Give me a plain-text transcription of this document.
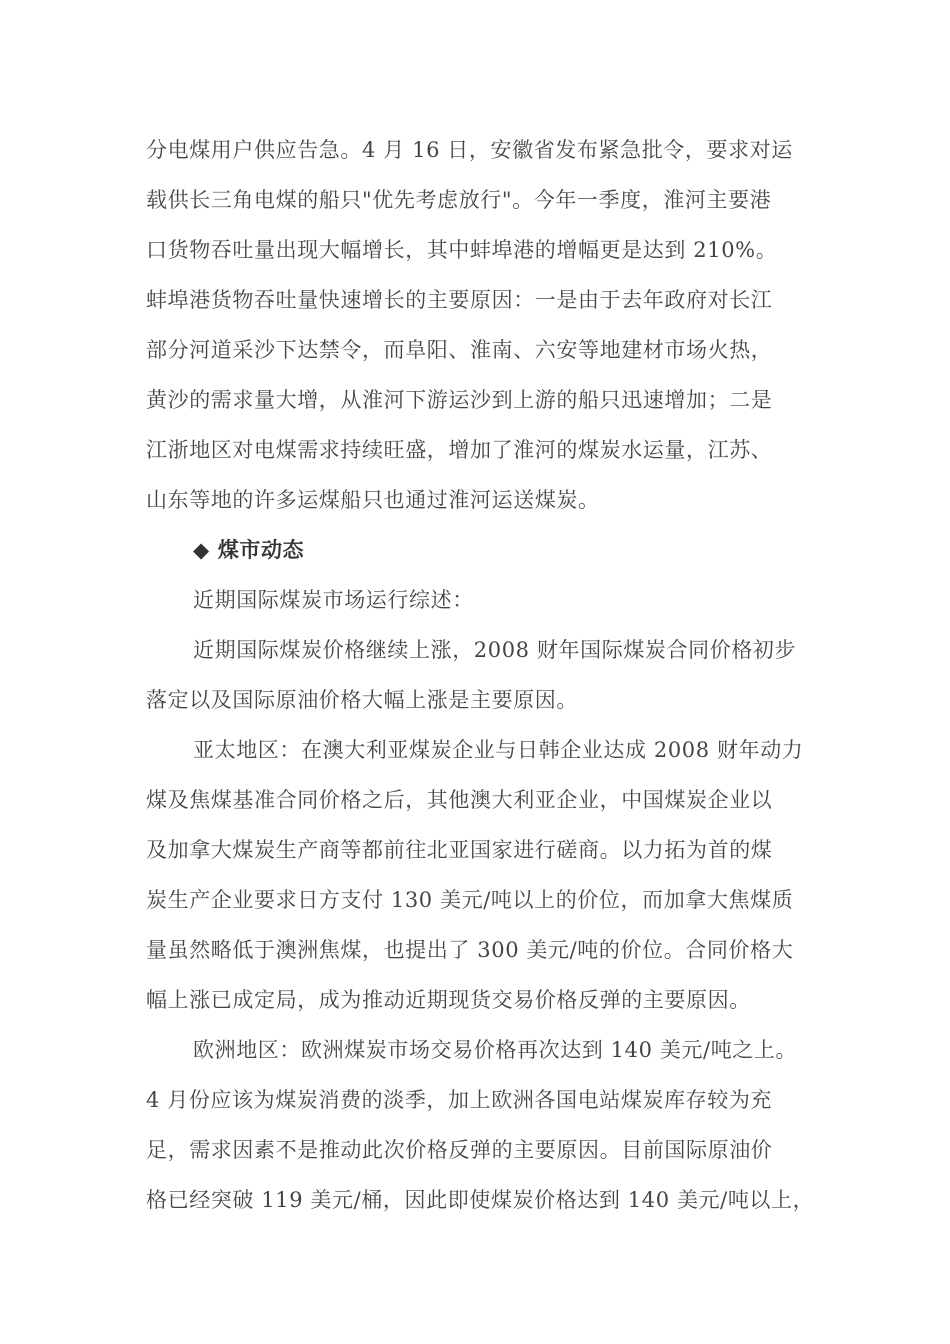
分电煤用户供应告急。4 月 16 日，安徽省发布紧急批令，要求对运
载供长三角电煤的船只"优先考虑放行"。今年一季度，淮河主要港
口货物吞吐量出现大幅增长，其中蚌埠港的增幅更是达到 210%。
蚌埠港货物吞吐量快速增长的主要原因：一是由于去年政府对长江
部分河道采沙下达禁令，而阜阳、淮南、六安等地建材市场火热，
黄沙的需求量大增，从淮河下游运沙到上游的船只迅速增加；二是
江浙地区对电煤需求持续旺盛，增加了淮河的煤炭水运量，江苏、
山东等地的许多运煤船只也通过淮河运送煤炭。
◆ 煤市动态
近期国际煤炭市场运行综述：
近期国际煤炭价格继续上涨，2008 财年国际煤炭合同价格初步
落定以及国际原油价格大幅上涨是主要原因。
亚太地区：在澳大利亚煤炭企业与日韩企业达成 2008 财年动力
煤及焦煤基准合同价格之后，其他澳大利亚企业，中国煤炭企业以
及加拿大煤炭生产商等都前往北亚国家进行磋商。以力拓为首的煤
炭生产企业要求日方支付 130 美元/吨以上的价位，而加拿大焦煤质
量虽然略低于澳洲焦煤，也提出了 300 美元/吨的价位。合同价格大
幅上涨已成定局，成为推动近期现货交易价格反弹的主要原因。
欧洲地区：欧洲煤炭市场交易价格再次达到 140 美元/吨之上。
4 月份应该为煤炭消费的淡季，加上欧洲各国电站煤炭库存较为充
足，需求因素不是推动此次价格反弹的主要原因。目前国际原油价
格已经突破 119 美元/桶，因此即使煤炭价格达到 140 美元/吨以上，
